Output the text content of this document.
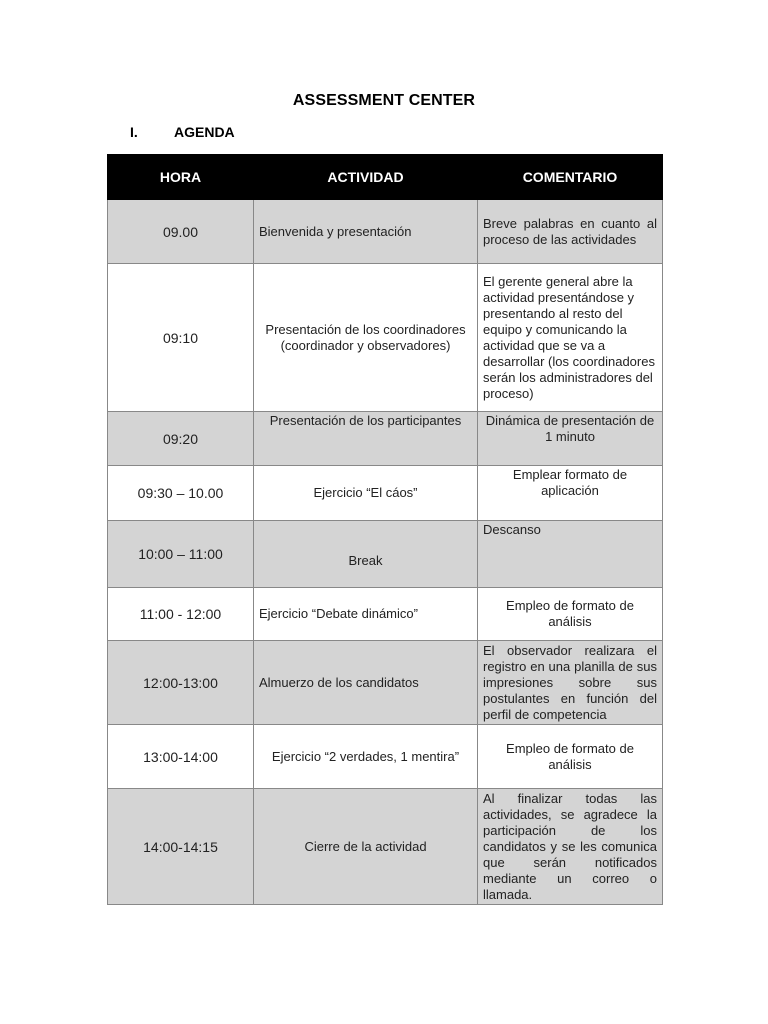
ASSESSMENT CENTER
I.	AGENDA
HORA	ACTIVIDAD	COMENTARIO
09.00	Bienvenida y presentación	Breve palabras en cuanto al proceso de las actividades
09:10	Presentación de los coordinadores (coordinador y observadores)	El gerente general abre la actividad presentándose y presentando al resto del equipo y comunicando la actividad que se va a desarrollar (los coordinadores serán los administradores del proceso)
09:20	Presentación de los participantes	Dinámica de presentación de 1 minuto
09:30 – 10.00	Ejercicio “El cáos”	Emplear formato de aplicación
10:00 – 11:00	Break	Descanso
11:00 - 12:00	Ejercicio “Debate dinámico”	Empleo de formato de análisis
12:00-13:00	Almuerzo de los candidatos	El observador realizara el registro en una planilla de sus impresiones sobre sus postulantes en función del perfil de competencia
13:00-14:00	Ejercicio “2 verdades, 1 mentira”	Empleo de formato de análisis
14:00-14:15	Cierre de la actividad	Al finalizar todas las actividades, se agradece la participación de los candidatos y se les comunica que serán notificados mediante un correo o llamada.
